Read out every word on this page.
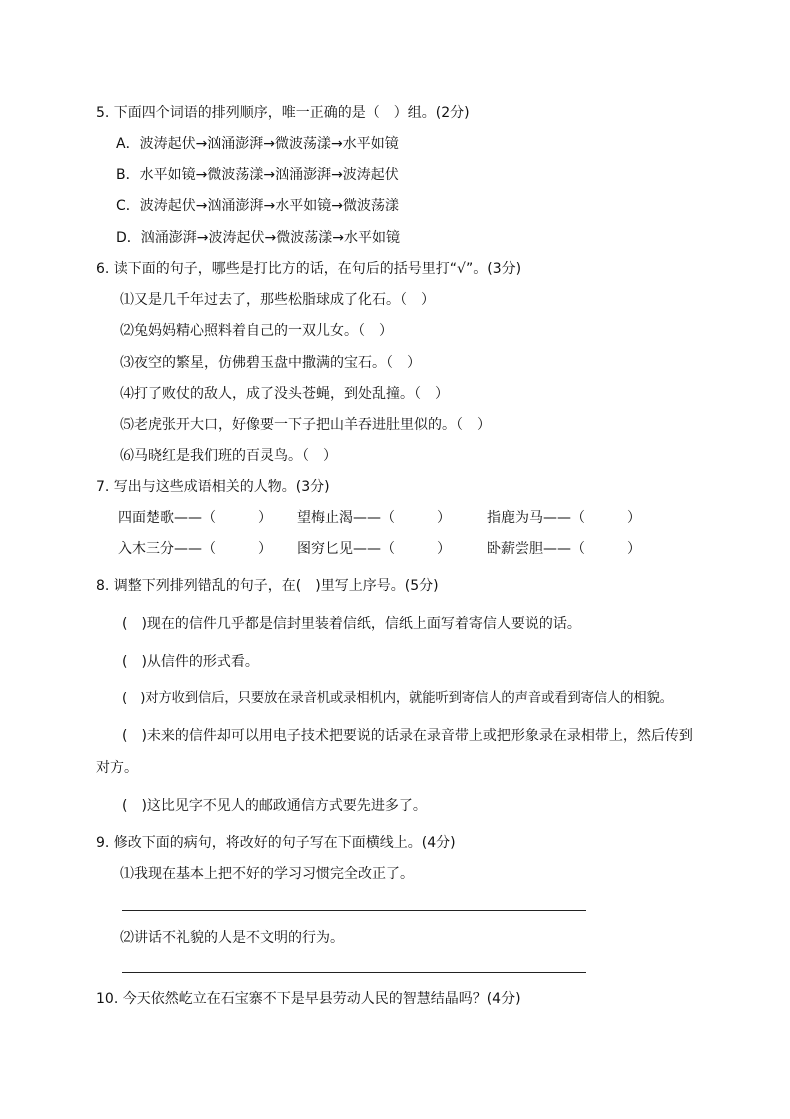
5. 下面四个词语的排列顺序，唯一正确的是（　）组。(2分)
A．波涛起伏→汹涌澎湃→微波荡漾→水平如镜
B．水平如镜→微波荡漾→汹涌澎湃→波涛起伏
C．波涛起伏→汹涌澎湃→水平如镜→微波荡漾
D．汹涌澎湃→波涛起伏→微波荡漾→水平如镜
6. 读下面的句子，哪些是打比方的话，在句后的括号里打“√”。(3分)
⑴又是几千年过去了，那些松脂球成了化石。（　）
⑵兔妈妈精心照料着自己的一双儿女。（　）
⑶夜空的繁星，仿佛碧玉盘中撒满的宝石。（　）
⑷打了败仗的敌人，成了没头苍蝇，到处乱撞。（　）
⑸老虎张开大口，好像要一下子把山羊吞进肚里似的。（　）
⑹马晓红是我们班的百灵鸟。（　）
7. 写出与这些成语相关的人物。(3分)
四面楚歌——（　　　） 望梅止渴——（　　　）	指鹿为马——（　　　）
入木三分——（　　　） 图穷匕见——（　　　）	卧薪尝胆——（　　　）
8. 调整下列排列错乱的句子，在(　)里写上序号。(5分)
(　)现在的信件几乎都是信封里装着信纸，信纸上面写着寄信人要说的话。
(　)从信件的形式看。
(　)对方收到信后，只要放在录音机或录相机内，就能听到寄信人的声音或看到寄信人的相貌。
(　)未来的信件却可以用电子技术把要说的话录在录音带上或把形象录在录相带上，然后传到
对方。
(　)这比见字不见人的邮政通信方式要先进多了。
9. 修改下面的病句，将改好的句子写在下面横线上。(4分)
⑴我现在基本上把不好的学习习惯完全改正了。
⑵讲话不礼貌的人是不文明的行为。
10. 今天依然屹立在石宝寨不下是早县劳动人民的智慧结晶吗？(4分)
